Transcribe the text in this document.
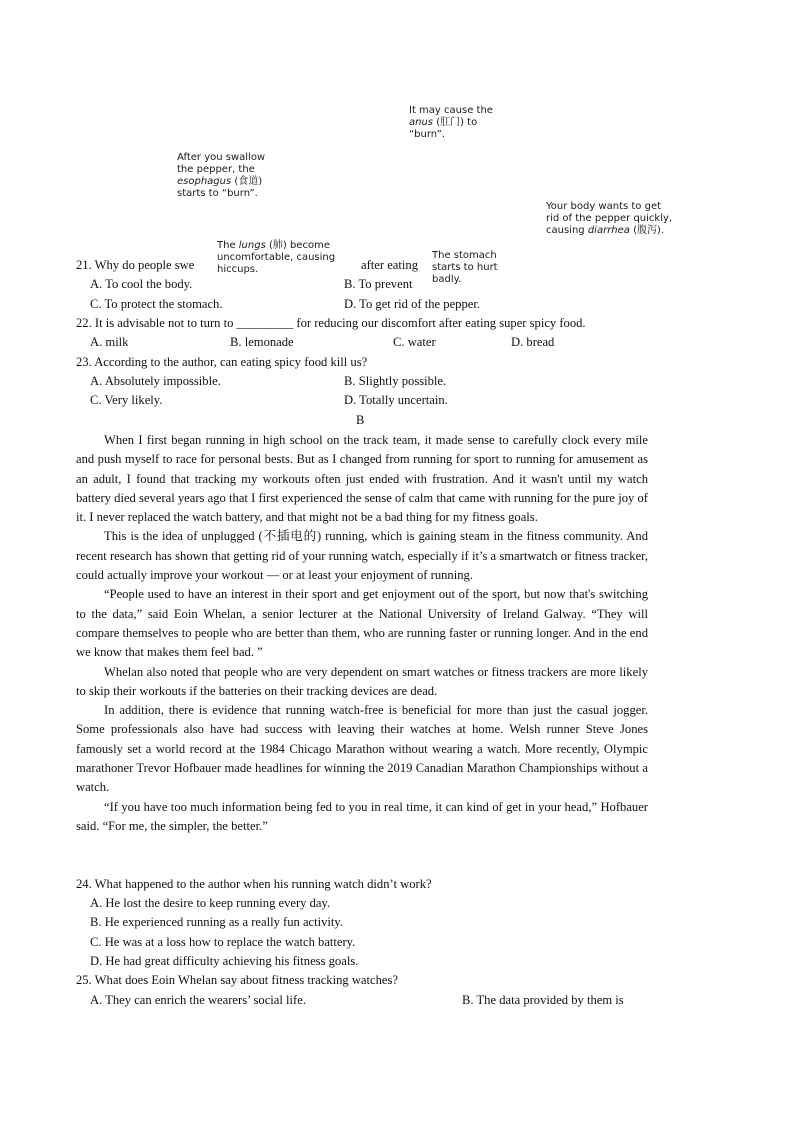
It may cause the
anus (肛门) to
“burn”.
After you swallow
the pepper, the
esophagus (食道)
starts to “burn”.
Your body wants to get
rid of the pepper quickly,
causing diarrhea (腹泻).
21. Why do people swe	after eating
A. To cool the body.	B. To prevent
C. To protect the stomach.	D. To get rid of the pepper.
The lungs (肺) become
uncomfortable, causing
hiccups.
The stomach
starts to hurt
badly.
22. It is advisable not to turn to _________ for reducing our discomfort after eating super spicy food.
A. milk	B. lemonade	C. water	D. bread
23. According to the author, can eating spicy food kill us?
A. Absolutely impossible.	B. Slightly possible.
C. Very likely.	D. Totally uncertain.
B

When I first began running in high school on the track team, it made sense to carefully clock every mile and push myself to race for personal bests. But as I changed from running for sport to running for amusement as an adult, I found that tracking my workouts often just ended with frustration. And it wasn't until my watch battery died several years ago that I first experienced the sense of calm that came with running for the pure joy of it. I never replaced the watch battery, and that might not be a bad thing for my fitness goals.

This is the idea of unplugged (不插电的) running, which is gaining steam in the fitness community. And recent research has shown that getting rid of your running watch, especially if it’s a smartwatch or fitness tracker, could actually improve your workout — or at least your enjoyment of running.

“People used to have an interest in their sport and get enjoyment out of the sport, but now that's switching to the data,” said Eoin Whelan, a senior lecturer at the National University of Ireland Galway. “They will compare themselves to people who are better than them, who are running faster or running longer. And in the end we know that makes them feel bad. ”

Whelan also noted that people who are very dependent on smart watches or fitness trackers are more likely to skip their workouts if the batteries on their tracking devices are dead.

In addition, there is evidence that running watch-free is beneficial for more than just the casual jogger. Some professionals also have had success with leaving their watches at home. Welsh runner Steve Jones famously set a world record at the 1984 Chicago Marathon without wearing a watch. More recently, Olympic marathoner Trevor Hofbauer made headlines for winning the 2019 Canadian Marathon Championships without a watch.

“If you have too much information being fed to you in real time, it can kind of get in your head,” Hofbauer said. “For me, the simpler, the better.”

24. What happened to the author when his running watch didn’t work?
A. He lost the desire to keep running every day.
B. He experienced running as a really fun activity.
C. He was at a loss how to replace the watch battery.
D. He had great difficulty achieving his fitness goals.
25. What does Eoin Whelan say about fitness tracking watches?
A. They can enrich the wearers’ social life.	B. The data provided by them is
